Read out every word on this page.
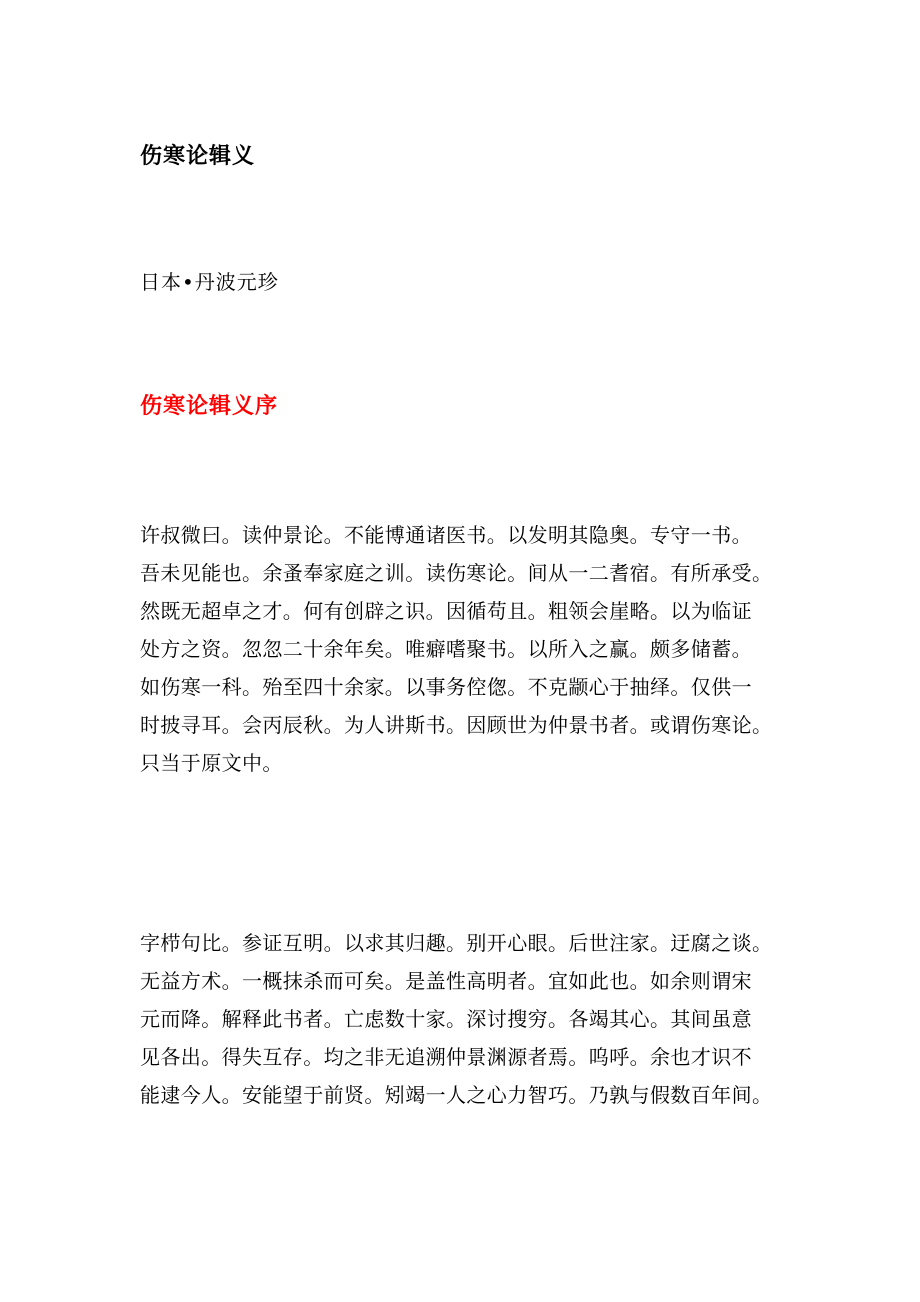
伤寒论辑义

日本•丹波元珍

伤寒论辑义序
许叔微曰。读仲景论。不能博通诸医书。以发明其隐奥。专守一书。
吾未见能也。余蚤奉家庭之训。读伤寒论。间从一二耆宿。有所承受。
然既无超卓之才。何有创辟之识。因循苟且。粗领会崖略。以为临证
处方之资。忽忽二十余年矣。唯癖嗜聚书。以所入之赢。颇多储蓄。
如伤寒一科。殆至四十余家。以事务倥偬。不克颛心于抽绎。仅供一
时披寻耳。会丙辰秋。为人讲斯书。因顾世为仲景书者。或谓伤寒论。
只当于原文中。
字栉句比。参证互明。以求其归趣。别开心眼。后世注家。迂腐之谈。
无益方术。一概抹杀而可矣。是盖性高明者。宜如此也。如余则谓宋
元而降。解释此书者。亡虑数十家。深讨搜穷。各竭其心。其间虽意
见各出。得失互存。均之非无追溯仲景渊源者焉。呜呼。余也才识不
能逮今人。安能望于前贤。矧竭一人之心力智巧。乃孰与假数百年间。
